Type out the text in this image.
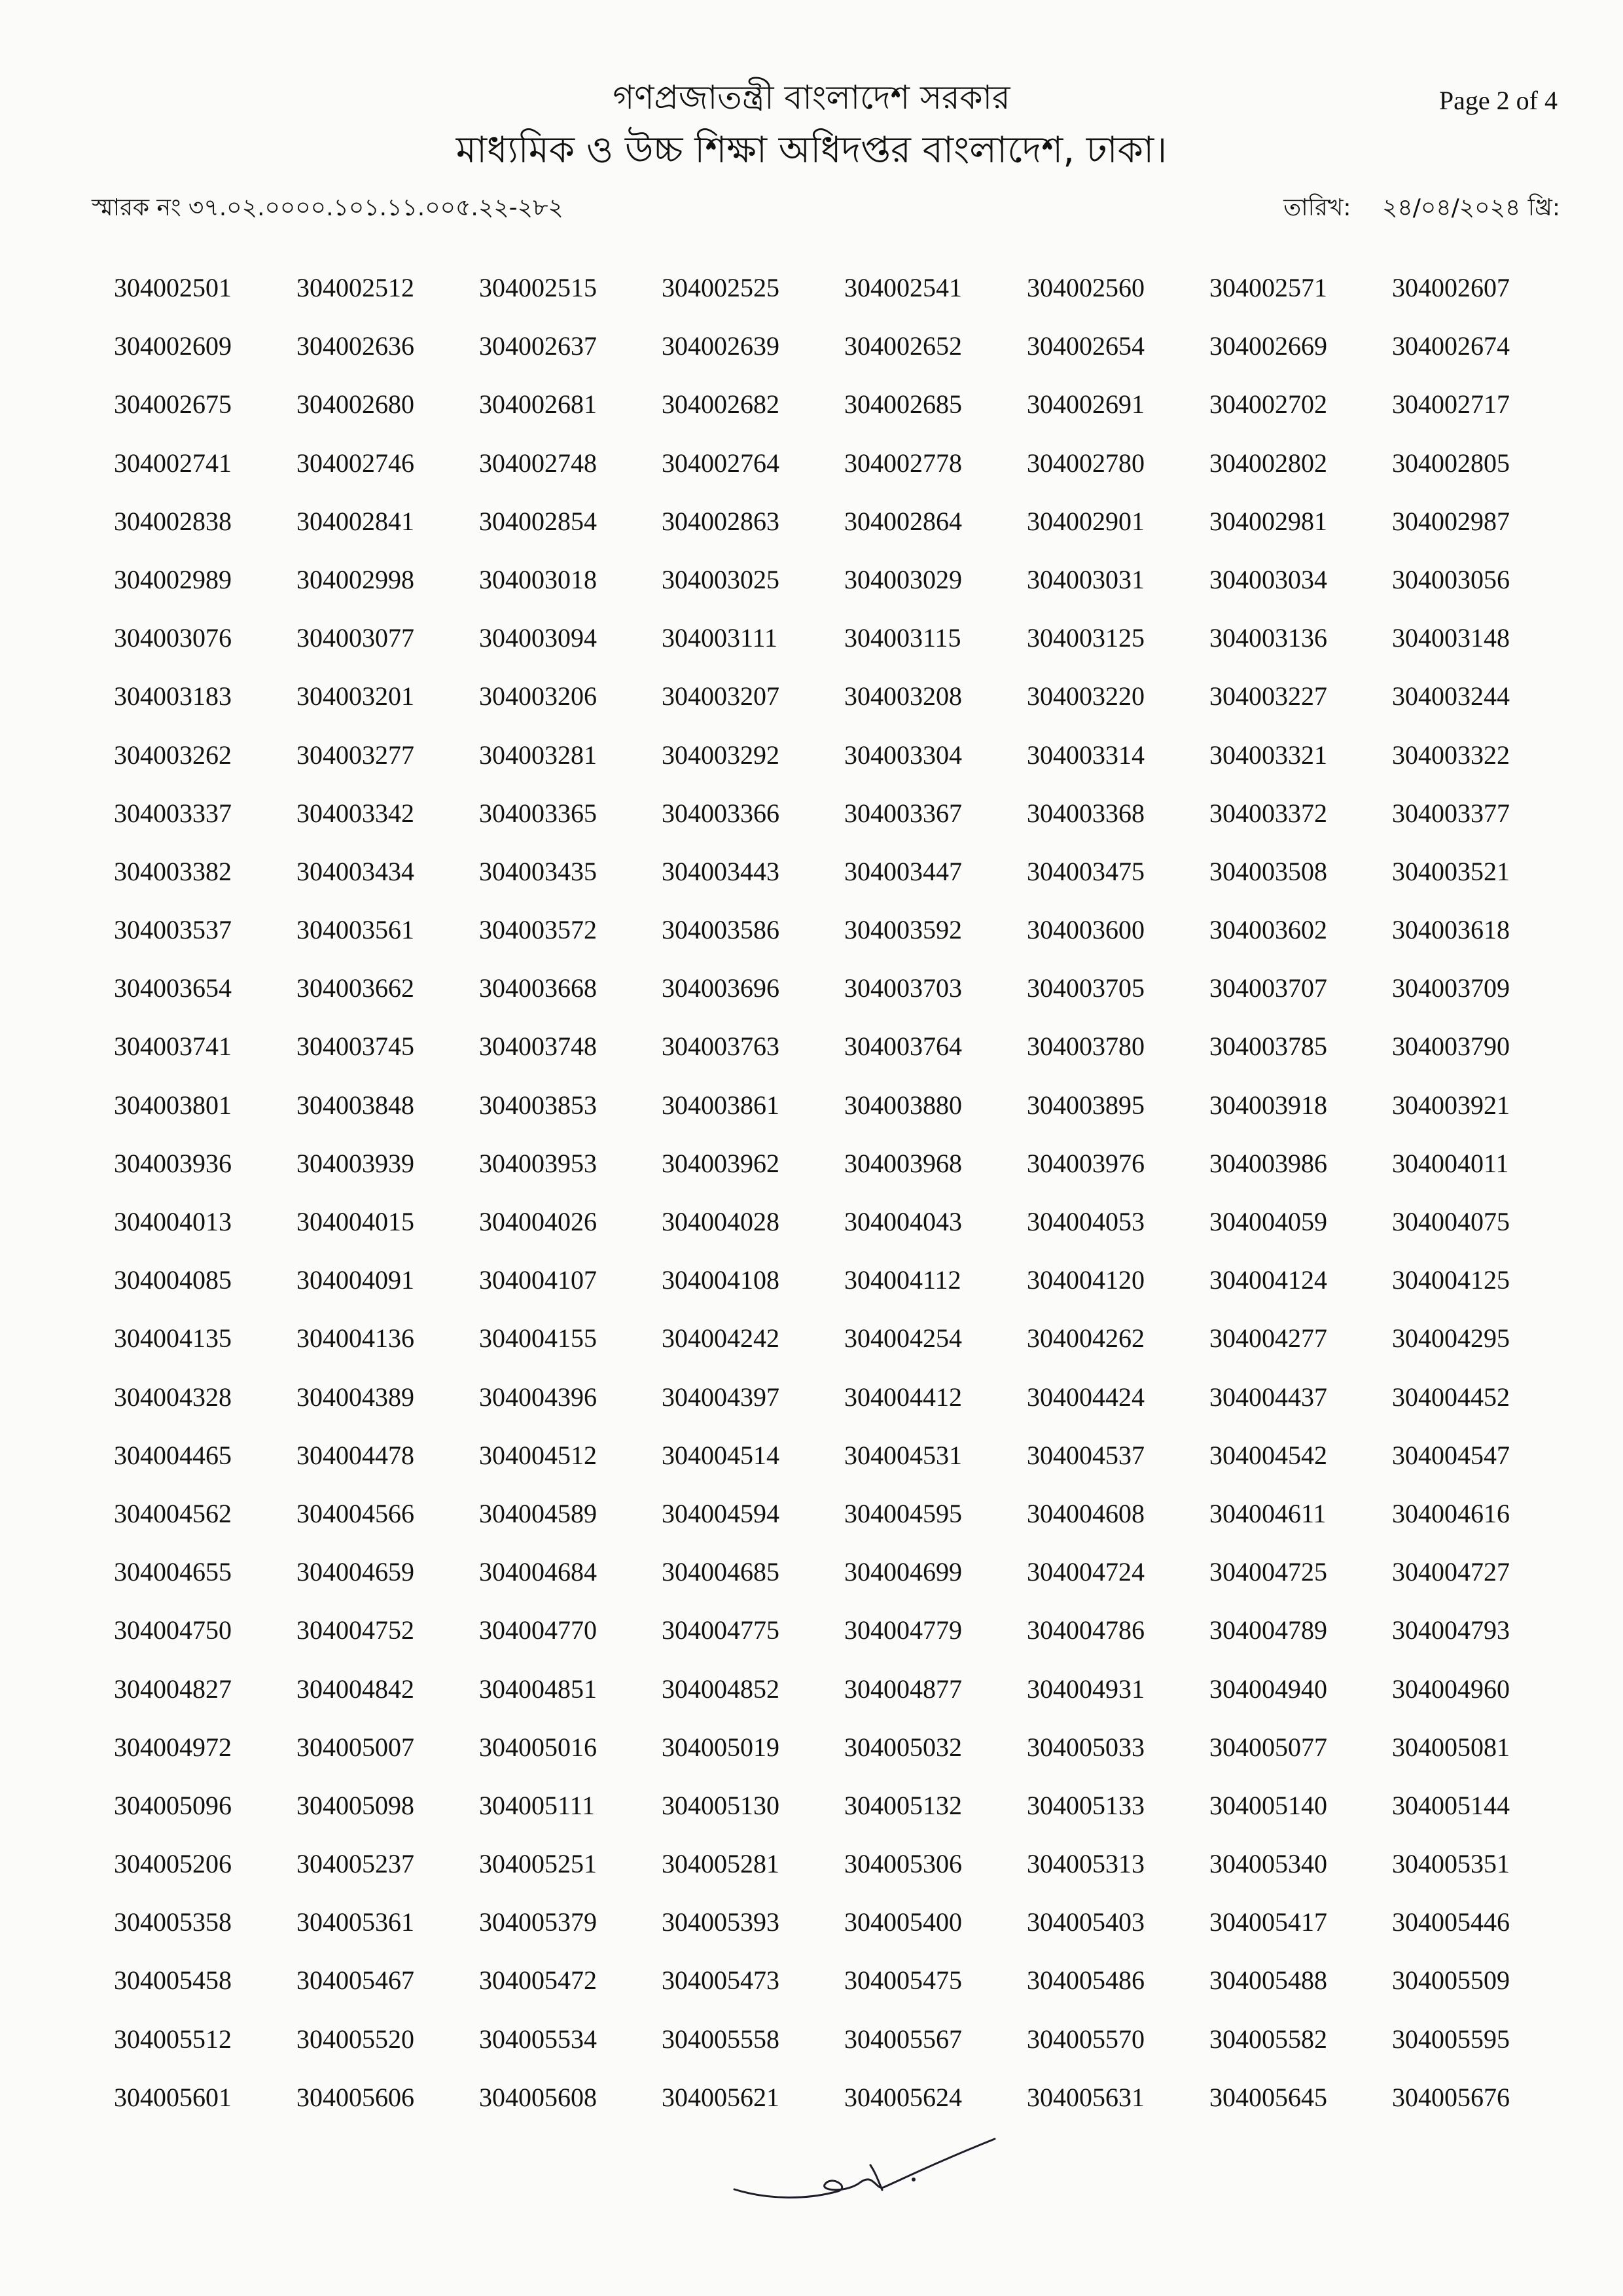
গণপ্রজাতন্ত্রী বাংলাদেশ সরকার
মাধ্যমিক ও উচ্চ শিক্ষা অধিদপ্তর বাংলাদেশ, ঢাকা।
Page 2 of 4
স্মারক নং ৩৭.০২.০০০০.১০১.১১.০০৫.২২-২৮২	তারিখ: ২৪/০৪/২০২৪ খ্রি:
304002501	304002512	304002515	304002525	304002541	304002560	304002571	304002607
304002609	304002636	304002637	304002639	304002652	304002654	304002669	304002674
304002675	304002680	304002681	304002682	304002685	304002691	304002702	304002717
304002741	304002746	304002748	304002764	304002778	304002780	304002802	304002805
304002838	304002841	304002854	304002863	304002864	304002901	304002981	304002987
304002989	304002998	304003018	304003025	304003029	304003031	304003034	304003056
304003076	304003077	304003094	304003111	304003115	304003125	304003136	304003148
304003183	304003201	304003206	304003207	304003208	304003220	304003227	304003244
304003262	304003277	304003281	304003292	304003304	304003314	304003321	304003322
304003337	304003342	304003365	304003366	304003367	304003368	304003372	304003377
304003382	304003434	304003435	304003443	304003447	304003475	304003508	304003521
304003537	304003561	304003572	304003586	304003592	304003600	304003602	304003618
304003654	304003662	304003668	304003696	304003703	304003705	304003707	304003709
304003741	304003745	304003748	304003763	304003764	304003780	304003785	304003790
304003801	304003848	304003853	304003861	304003880	304003895	304003918	304003921
304003936	304003939	304003953	304003962	304003968	304003976	304003986	304004011
304004013	304004015	304004026	304004028	304004043	304004053	304004059	304004075
304004085	304004091	304004107	304004108	304004112	304004120	304004124	304004125
304004135	304004136	304004155	304004242	304004254	304004262	304004277	304004295
304004328	304004389	304004396	304004397	304004412	304004424	304004437	304004452
304004465	304004478	304004512	304004514	304004531	304004537	304004542	304004547
304004562	304004566	304004589	304004594	304004595	304004608	304004611	304004616
304004655	304004659	304004684	304004685	304004699	304004724	304004725	304004727
304004750	304004752	304004770	304004775	304004779	304004786	304004789	304004793
304004827	304004842	304004851	304004852	304004877	304004931	304004940	304004960
304004972	304005007	304005016	304005019	304005032	304005033	304005077	304005081
304005096	304005098	304005111	304005130	304005132	304005133	304005140	304005144
304005206	304005237	304005251	304005281	304005306	304005313	304005340	304005351
304005358	304005361	304005379	304005393	304005400	304005403	304005417	304005446
304005458	304005467	304005472	304005473	304005475	304005486	304005488	304005509
304005512	304005520	304005534	304005558	304005567	304005570	304005582	304005595
304005601	304005606	304005608	304005621	304005624	304005631	304005645	304005676
